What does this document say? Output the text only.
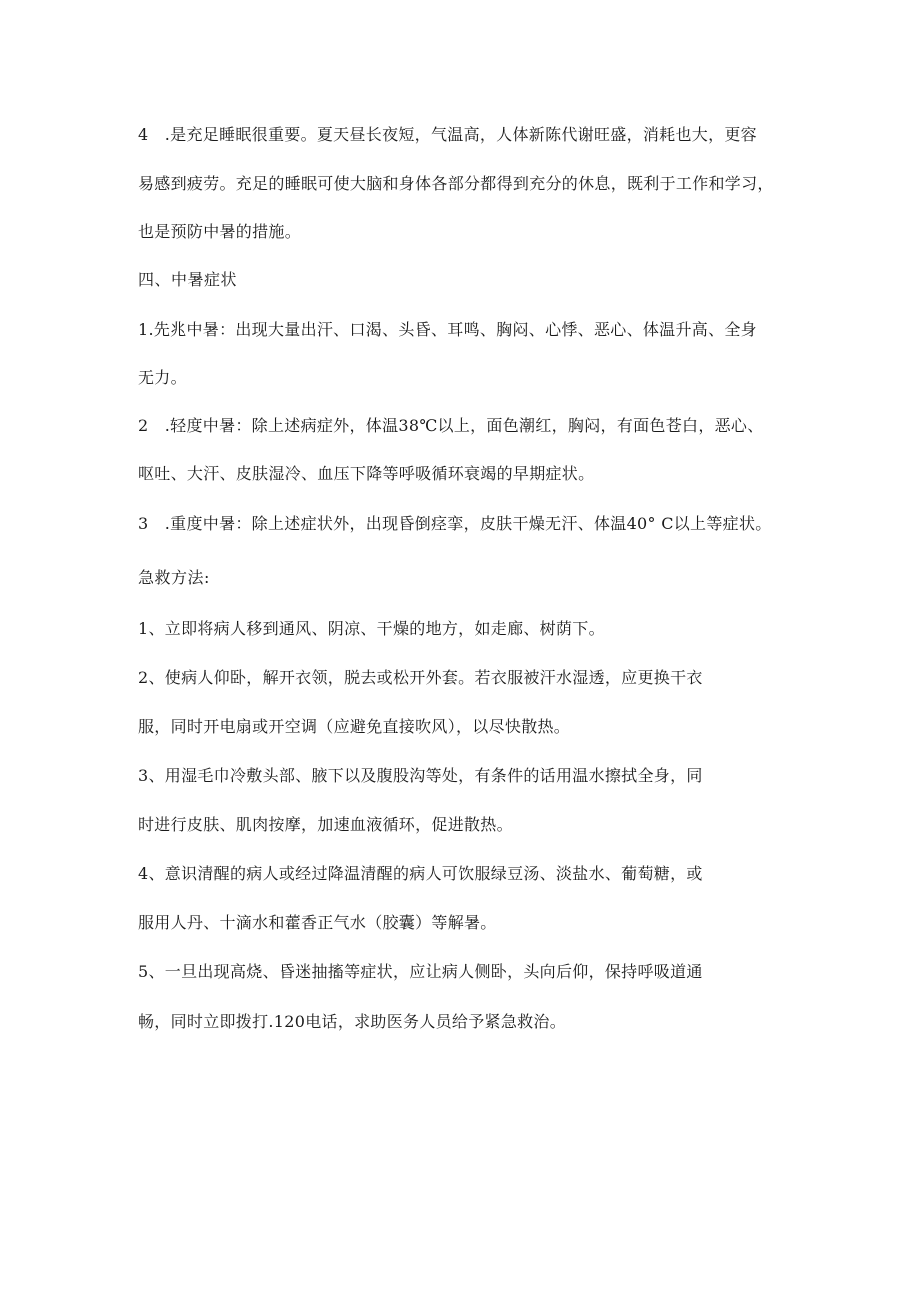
4　.是充足睡眠很重要。夏天昼长夜短，气温高，人体新陈代谢旺盛，消耗也大，更容
易感到疲劳。充足的睡眠可使大脑和身体各部分都得到充分的休息，既利于工作和学习，
也是预防中暑的措施。
四、中暑症状
1.先兆中暑：出现大量出汗、口渴、头昏、耳鸣、胸闷、心悸、恶心、体温升高、全身
无力。
2　.轻度中暑：除上述病症外，体温38℃以上，面色潮红，胸闷，有面色苍白，恶心、
呕吐、大汗、皮肤湿冷、血压下降等呼吸循环衰竭的早期症状。
3　.重度中暑：除上述症状外，出现昏倒痉挛，皮肤干燥无汗、体温40° C以上等症状。
急救方法:
1、立即将病人移到通风、阴凉、干燥的地方，如走廊、树荫下。
2、使病人仰卧，解开衣领，脱去或松开外套。若衣服被汗水湿透，应更换干衣
服，同时开电扇或开空调（应避免直接吹风），以尽快散热。
3、用湿毛巾冷敷头部、腋下以及腹股沟等处，有条件的话用温水擦拭全身，同
时进行皮肤、肌肉按摩，加速血液循环，促进散热。
4、意识清醒的病人或经过降温清醒的病人可饮服绿豆汤、淡盐水、葡萄糖，或
服用人丹、十滴水和藿香正气水（胶囊）等解暑。
5、一旦出现高烧、昏迷抽搐等症状，应让病人侧卧，头向后仰，保持呼吸道通
畅，同时立即拨打.120电话，求助医务人员给予紧急救治。
